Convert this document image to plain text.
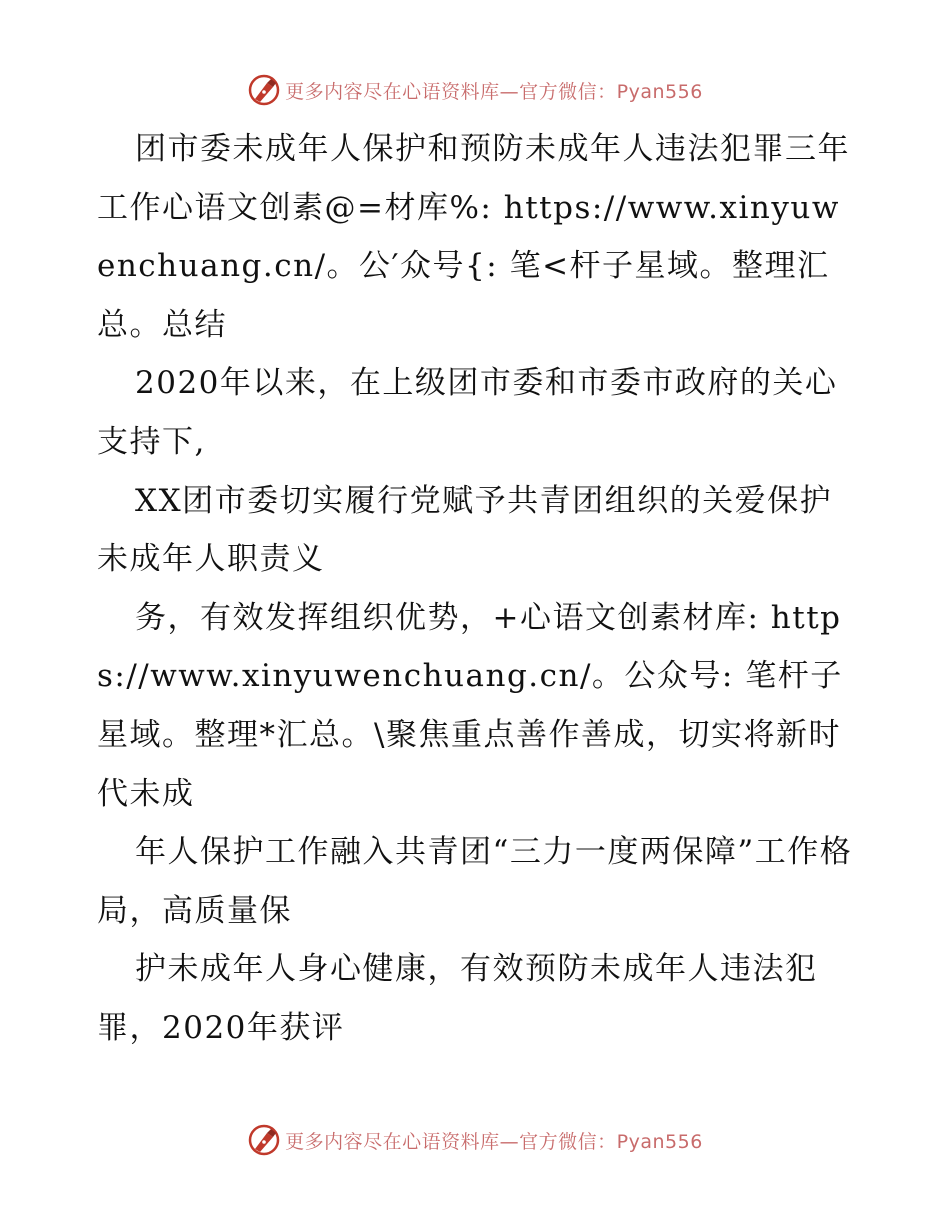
更多内容尽在心语资料库—官方微信：Pyan556

团市委未成年人保护和预防未成年人违法犯罪三年工作心语文创素@=材库%: https://www.xinyuwenchuang.cn/。公′众号{: 笔<杆子星域。整理汇总。总结

2020年以来，在上级团市委和市委市政府的关心支持下,

XX团市委切实履行党赋予共青团组织的关爱保护未成年人职责义

务，有效发挥组织优势，+心语文创素材库: https://www.xinyuwenchuang.cn/。公众号: 笔杆子星域。整理*汇总。\聚焦重点善作善成，切实将新时代未成

年人保护工作融入共青团“三力一度两保障”工作格局，高质量保

护未成年人身心健康，有效预防未成年人违法犯罪，2020年获评

更多内容尽在心语资料库—官方微信：Pyan556
